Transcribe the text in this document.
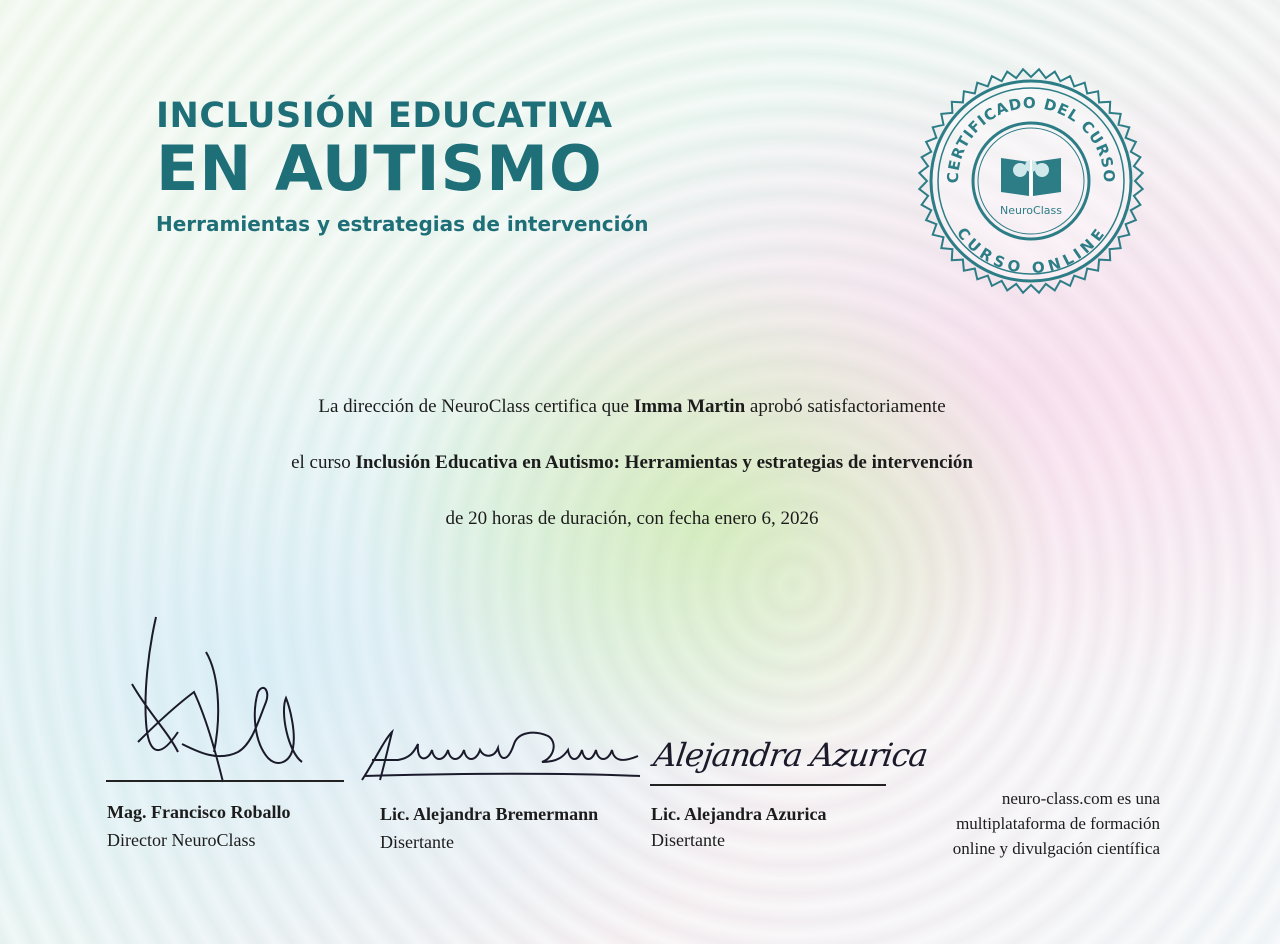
INCLUSIÓN EDUCATIVA
EN AUTISMO
Herramientas y estrategias de intervención
CERTIFICADO DEL CURSO
CURSO ONLINE
NeuroClass
La dirección de NeuroClass certifica que Imma Martin aprobó satisfactoriamente
el curso Inclusión Educativa en Autismo: Herramientas y estrategias de intervención
de 20 horas de duración, con fecha enero 6, 2026
Mag. Francisco Roballo
Director NeuroClass
Lic. Alejandra Bremermann
Disertante
Alejandra Azurica
Lic. Alejandra Azurica
Disertante
neuro-class.com es una
multiplataforma de formación
online y divulgación científica
